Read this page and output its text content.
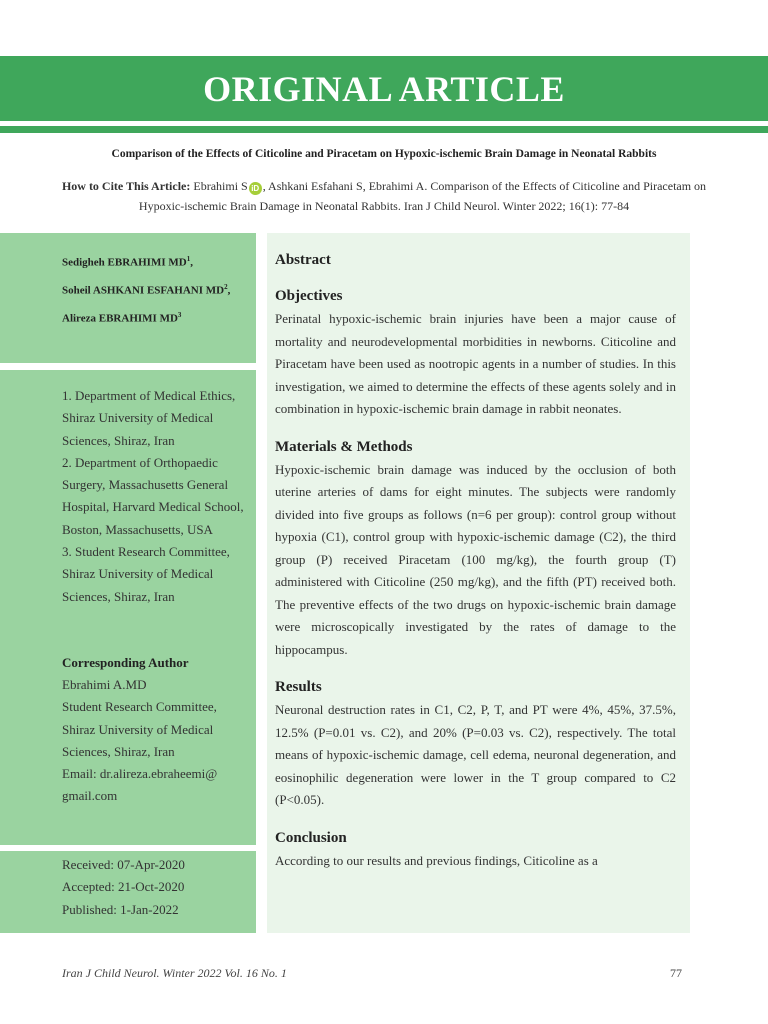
ORIGINAL ARTICLE
Comparison of the Effects of Citicoline and Piracetam on Hypoxic-ischemic Brain Damage in Neonatal Rabbits
How to Cite This Article: Ebrahimi S iD , Ashkani Esfahani S, Ebrahimi A. Comparison of the Effects of Citicoline and Piracetam on Hypoxic-ischemic Brain Damage in Neonatal Rabbits. Iran J Child Neurol. Winter 2022; 16(1): 77-84
Sedigheh EBRAHIMI $MD^1$,
Soheil ASHKANI ESFAHANI $MD^2$,
Alireza EBRAHIMI $MD^3$
1. Department of Medical Ethics, Shiraz University of Medical Sciences, Shiraz, Iran
2. Department of Orthopaedic Surgery, Massachusetts General Hospital, Harvard Medical School, Boston, Massachusetts, USA
3. Student Research Committee, Shiraz University of Medical Sciences, Shiraz, Iran
Corresponding Author
Ebrahimi A.MD
Student Research Committee, Shiraz University of Medical Sciences, Shiraz, Iran
Email: dr.alireza.ebraheemi@ gmail.com
Received: 07-Apr-2020
Accepted: 21-Oct-2020
Published: 1-Jan-2022
Abstract
Objectives

Perinatal hypoxic-ischemic brain injuries have been a major cause of mortality and neurodevelopmental morbidities in newborns. Citicoline and Piracetam have been used as nootropic agents in a number of studies. In this investigation, we aimed to determine the effects of these agents solely and in combination in hypoxic-ischemic brain damage in rabbit neonates.

Materials & Methods

Hypoxic-ischemic brain damage was induced by the occlusion of both uterine arteries of dams for eight minutes. The subjects were randomly divided into five groups as follows (n=6 per group): control group without hypoxia (C1), control group with hypoxic-ischemic damage (C2), the third group (P) received Piracetam (100 mg/kg), the fourth group (T) administered with Citicoline (250 mg/kg), and the fifth (PT) received both. The preventive effects of the two drugs on hypoxic-ischemic brain damage were microscopically investigated by the rates of damage to the hippocampus.

Results

Neuronal destruction rates in C1, C2, P, T, and PT were 4%, 45%, 37.5%, 12.5% (P=0.01 vs. C2), and 20% (P=0.03 vs. C2), respectively. The total means of hypoxic-ischemic damage, cell edema, neuronal degeneration, and eosinophilic degeneration were lower in the T group compared to C2 (P<0.05).

Conclusion

According to our results and previous findings, Citicoline as a

Iran J Child Neurol. Winter 2022 Vol. 16 No. 1	77
